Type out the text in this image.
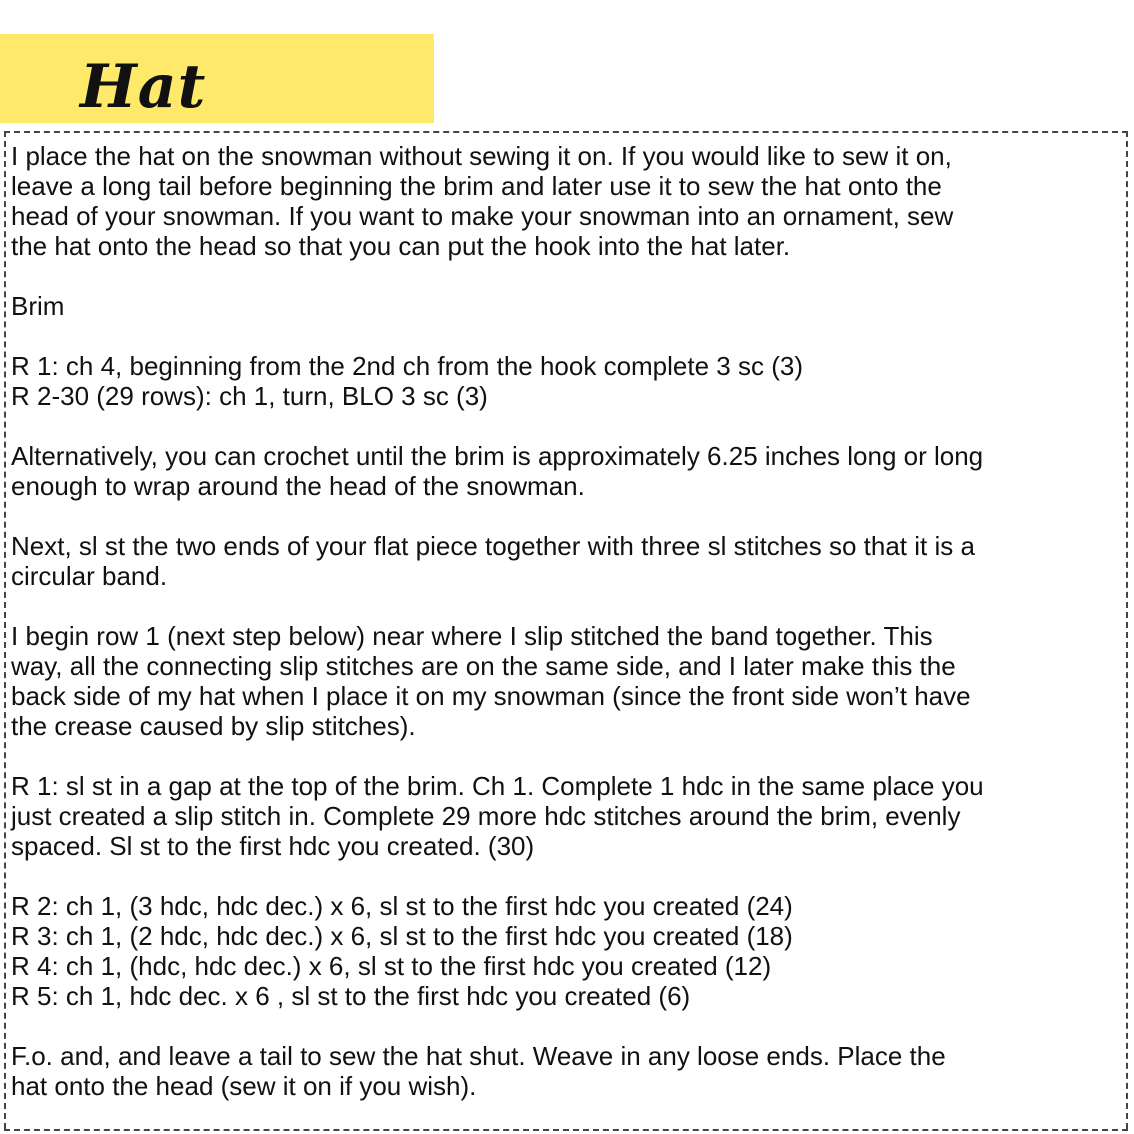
Hat

I place the hat on the snowman without sewing it on. If you would like to sew it on,
leave a long tail before beginning the brim and later use it to sew the hat onto the
head of your snowman. If you want to make your snowman into an ornament, sew
the hat onto the head so that you can put the hook into the hat later.

Brim

R 1: ch 4, beginning from the 2nd ch from the hook complete 3 sc (3)
R 2-30 (29 rows): ch 1, turn, BLO 3 sc (3)

Alternatively, you can crochet until the brim is approximately 6.25 inches long or long
enough to wrap around the head of the snowman.

Next, sl st the two ends of your flat piece together with three sl stitches so that it is a
circular band.

I begin row 1 (next step below) near where I slip stitched the band together. This
way, all the connecting slip stitches are on the same side, and I later make this the
back side of my hat when I place it on my snowman (since the front side won’t have
the crease caused by slip stitches).

R 1: sl st in a gap at the top of the brim. Ch 1. Complete 1 hdc in the same place you
just created a slip stitch in. Complete 29 more hdc stitches around the brim, evenly
spaced. Sl st to the first hdc you created. (30)

R 2: ch 1, (3 hdc, hdc dec.) x 6, sl st to the first hdc you created (24)
R 3: ch 1, (2 hdc, hdc dec.) x 6, sl st to the first hdc you created (18)
R 4: ch 1, (hdc, hdc dec.) x 6, sl st to the first hdc you created (12)
R 5: ch 1, hdc dec. x 6 , sl st to the first hdc you created (6)

F.o. and, and leave a tail to sew the hat shut. Weave in any loose ends. Place the
hat onto the head (sew it on if you wish).
